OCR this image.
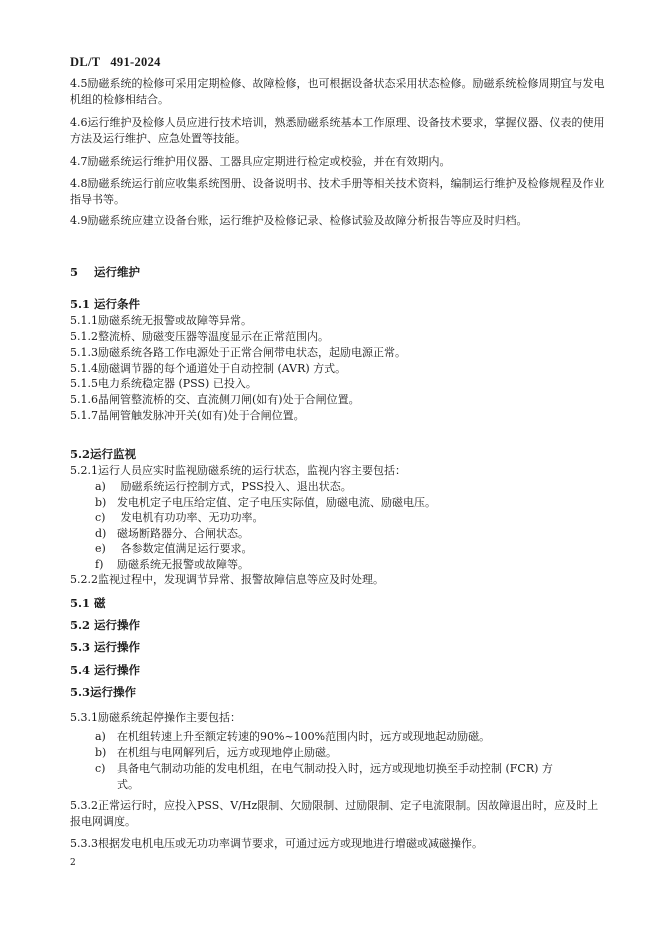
DL/T 491-2024
4.5励磁系统的检修可采用定期检修、故障检修，也可根据设备状态采用状态检修。励磁系统检修周期宜与发电机组的检修相结合。
4.6运行维护及检修人员应进行技术培训，熟悉励磁系统基本工作原理、设备技术要求，掌握仪器、仪表的使用方法及运行维护、应急处置等技能。
4.7励磁系统运行维护用仪器、工器具应定期进行检定或校验，并在有效期内。
4.8励磁系统运行前应收集系统图册、设备说明书、技术手册等相关技术资料，编制运行维护及检修规程及作业指导书等。
4.9励磁系统应建立设备台账，运行维护及检修记录、检修试验及故障分析报告等应及时归档。
5 运行维护
5.1 运行条件
5.1.1励磁系统无报警或故障等异常。
5.1.2整流桥、励磁变压器等温度显示在正常范围内。
5.1.3励磁系统各路工作电源处于正常合闸带电状态，起励电源正常。
5.1.4励磁调节器的每个通道处于自动控制 (AVR) 方式。
5.1.5电力系统稳定器 (PSS) 已投入。
5.1.6晶闸管整流桥的交、直流侧刀闸(如有)处于合闸位置。
5.1.7晶闸管触发脉冲开关(如有)处于合闸位置。
5.2运行监视
5.2.1运行人员应实时监视励磁系统的运行状态，监视内容主要包括：
a) 励磁系统运行控制方式，PSS投入、退出状态。
b) 发电机定子电压给定值、定子电压实际值，励磁电流、励磁电压。
c) 发电机有功功率、无功功率。
d) 磁场断路器分、合闸状态。
e) 各参数定值满足运行要求。
f) 励磁系统无报警或故障等。
5.2.2监视过程中，发现调节异常、报警故障信息等应及时处理。
5.1 磁
5.2 运行操作
5.3 运行操作
5.4 运行操作
5.3运行操作
5.3.1励磁系统起停操作主要包括：
a) 在机组转速上升至额定转速的90%~100%范围内时，远方或现地起动励磁。
b) 在机组与电网解列后，远方或现地停止励磁。
c) 具备电气制动功能的发电机组，在电气制动投入时，远方或现地切换至手动控制 (FCR) 方
式。
5.3.2正常运行时，应投入PSS、V/Hz限制、欠励限制、过励限制、定子电流限制。因故障退出时，应及时上报电网调度。
5.3.3根据发电机电压或无功功率调节要求，可通过远方或现地进行增磁或减磁操作。
2
